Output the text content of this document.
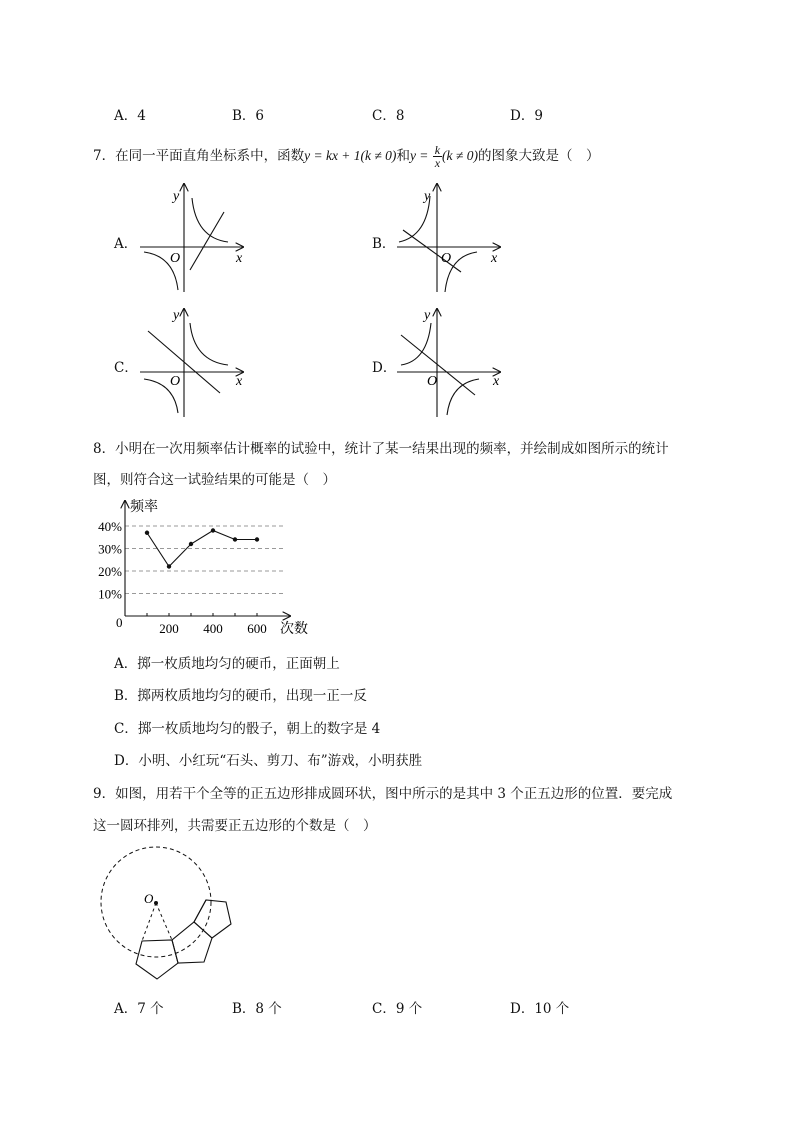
A．4	B．6	C．8	D．9
7．在同一平面直角坐标系中，函数y = kx + 1(k ≠ 0)和$y = \frac{k}{x} (k \ne 0)$的图象大致是（　）
A．	B．
C．	D．
y
x
O
y
x
O
y
x
O
y
x
O
8．小明在一次用频率估计概率的试验中，统计了某一结果出现的频率，并绘制成如图所示的统计
图，则符合这一试验结果的可能是（　）
200 400 600
40%
30%
20%
10%
频率
次数
0
A．掷一枚质地均匀的硬币，正面朝上
B．掷两枚质地均匀的硬币，出现一正一反
C．掷一枚质地均匀的骰子，朝上的数字是 4
D．小明、小红玩“石头、剪刀、布”游戏，小明获胜
9．如图，用若干个全等的正五边形排成圆环状，图中所示的是其中 3 个正五边形的位置．要完成
这一圆环排列，共需要正五边形的个数是（　）
O
A．7 个	B．8 个	C．9 个	D．10 个
